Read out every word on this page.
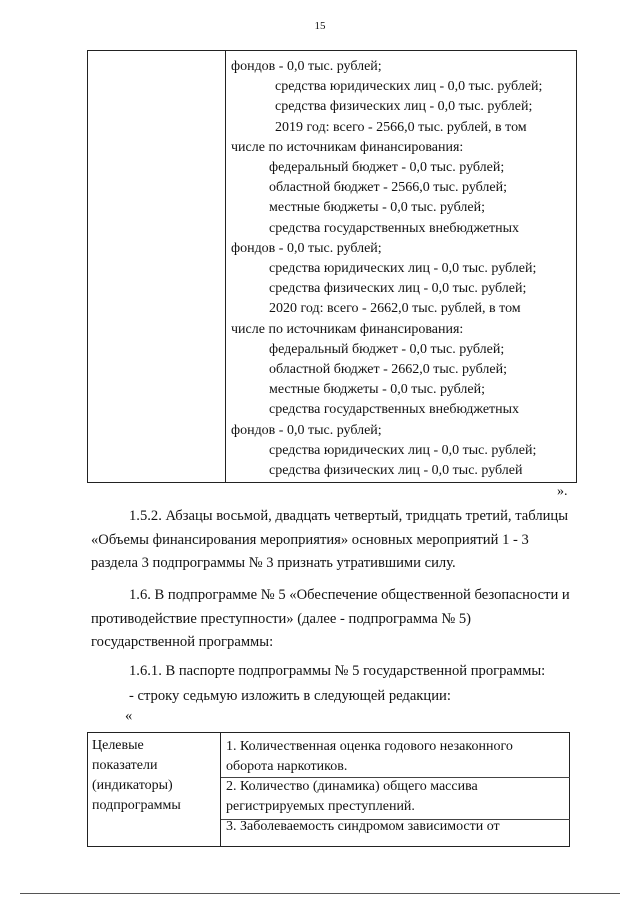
15
фондов - 0,0 тыс. рублей;
средства юридических лиц - 0,0 тыс. рублей;
средства физических лиц - 0,0 тыс. рублей;
2019 год: всего - 2566,0 тыс. рублей, в том
числе по источникам финансирования:
федеральный бюджет - 0,0 тыс. рублей;
областной бюджет - 2566,0 тыс. рублей;
местные бюджеты - 0,0 тыс. рублей;
средства государственных внебюджетных
фондов - 0,0 тыс. рублей;
средства юридических лиц - 0,0 тыс. рублей;
средства физических лиц - 0,0 тыс. рублей;
2020 год: всего - 2662,0 тыс. рублей, в том
числе по источникам финансирования:
федеральный бюджет - 0,0 тыс. рублей;
областной бюджет - 2662,0 тыс. рублей;
местные бюджеты - 0,0 тыс. рублей;
средства государственных внебюджетных
фондов - 0,0 тыс. рублей;
средства юридических лиц - 0,0 тыс. рублей;
средства физических лиц - 0,0 тыс. рублей
».
1.5.2. Абзацы восьмой, двадцать четвертый, тридцать третий, таблицы
«Объемы финансирования мероприятия» основных мероприятий 1 - 3
раздела 3 подпрограммы № 3 признать утратившими силу.
1.6. В подпрограмме № 5 «Обеспечение общественной безопасности и
противодействие преступности» (далее - подпрограмма № 5)
государственной программы:
1.6.1. В паспорте подпрограммы № 5 государственной программы:
- строку седьмую изложить в следующей редакции:
«
Целевые
показатели
(индикаторы)
подпрограммы
1. Количественная оценка годового незаконного
оборота наркотиков.
2. Количество (динамика) общего массива
регистрируемых преступлений.
3. Заболеваемость синдромом зависимости от
